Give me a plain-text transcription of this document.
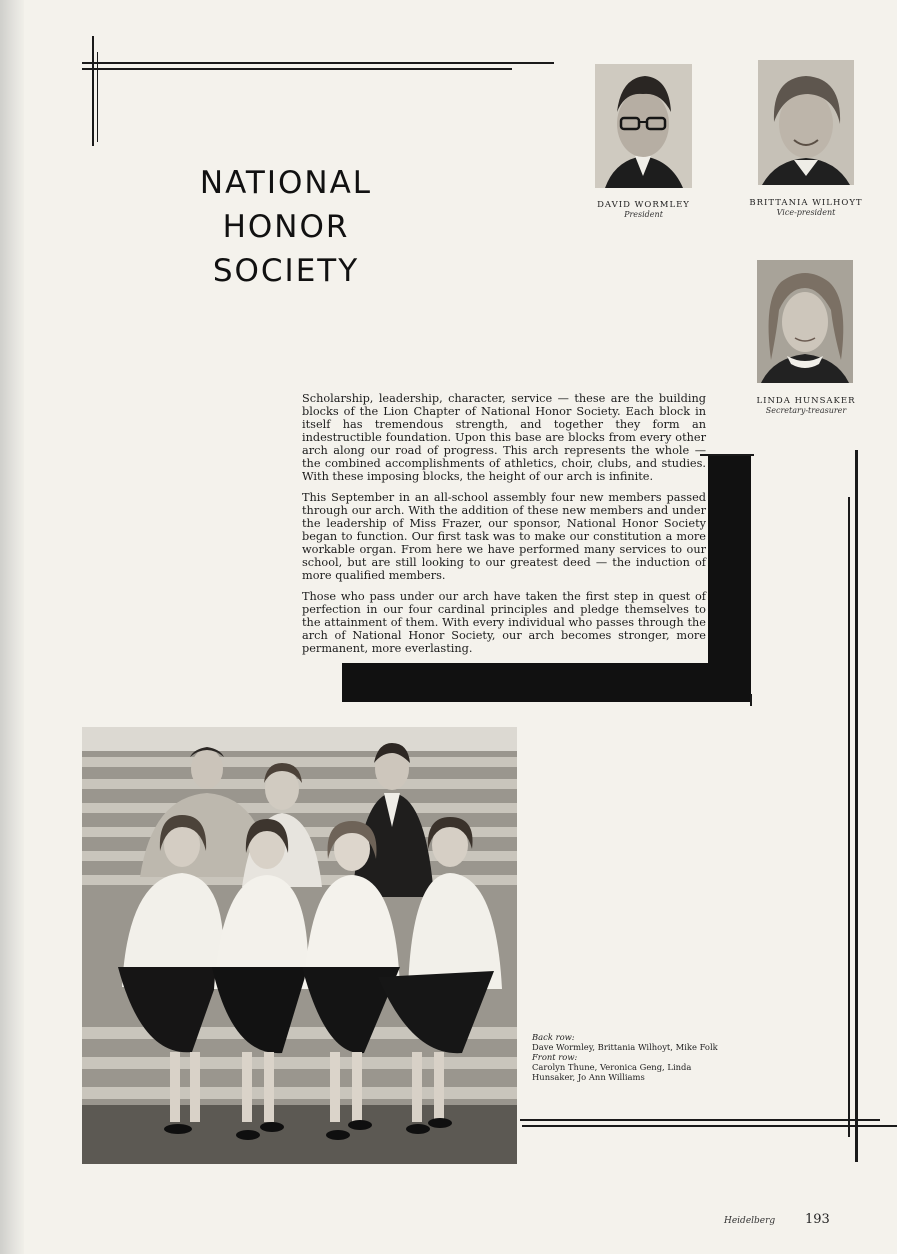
NATIONAL
HONOR
SOCIETY
DAVID WORMLEY
President
BRITTANIA WILHOYT
Vice-president
LINDA HUNSAKER
Secretary-treasurer

Scholarship, leadership, character, service — these are the building blocks of the Lion Chapter of National Honor Society. Each block in itself has tremendous strength, and together they form an indestructible foundation. Upon this base are blocks from every other arch along our road of progress. This arch represents the whole — the combined accomplishments of athletics, choir, clubs, and studies. With these imposing blocks, the height of our arch is infinite.

This September in an all-school assembly four new members passed through our arch. With the addition of these new members and under the leadership of Miss Frazer, our sponsor, National Honor Society began to function. Our first task was to make our constitution a more workable organ. From here we have performed many services to our school, but are still looking to our greatest deed — the induction of more qualified members.

Those who pass under our arch have taken the first step in quest of perfection in our four cardinal principles and pledge themselves to the attainment of them. With every individual who passes through the arch of National Honor Society, our arch becomes stronger, more permanent, more everlasting.

Back row:
Dave Wormley, Brittania Wilhoyt, Mike Folk
Front row:
Carolyn Thune, Veronica Geng, Linda Hunsaker, Jo Ann Williams
Heidelberg 193
